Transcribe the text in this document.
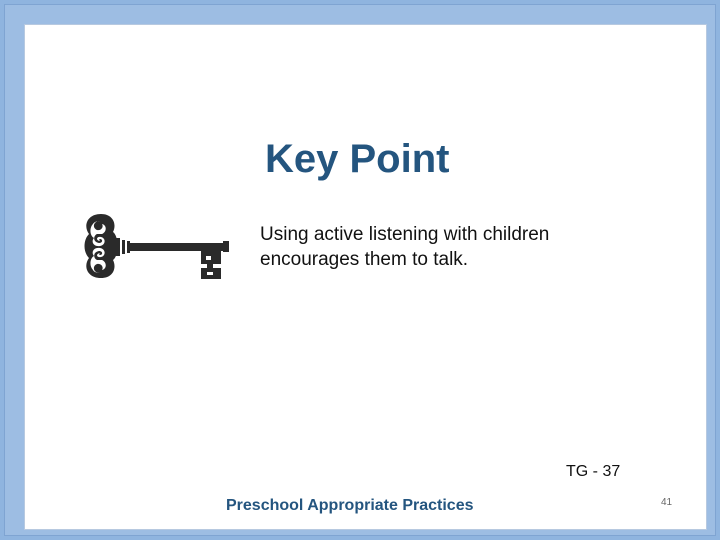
Key Point
Using active listening with children encourages them to talk.
TG - 37
Preschool Appropriate Practices	41
